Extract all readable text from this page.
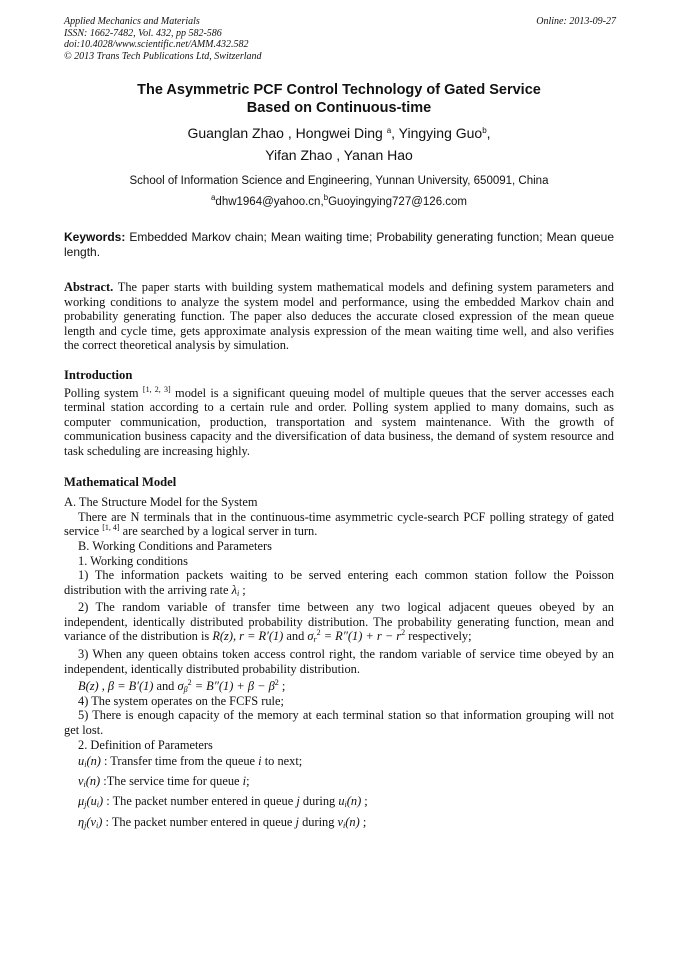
Applied Mechanics and Materials
ISSN: 1662-7482, Vol. 432, pp 582-586
doi:10.4028/www.scientific.net/AMM.432.582
© 2013 Trans Tech Publications Ltd, Switzerland
Online: 2013-09-27
The Asymmetric PCF Control Technology of Gated Service
Based on Continuous-time
Guanglan Zhao , Hongwei Ding $^a$, Yingying Guo$^b$,
Yifan Zhao , Yanan Hao
School of Information Science and Engineering, Yunnan University, 650091, China
$^a$dhw1964@yahoo.cn,$^b$Guoyingying727@126.com
Keywords: Embedded Markov chain; Mean waiting time; Probability generating function; Mean queue length.

Abstract. The paper starts with building system mathematical models and defining system parameters and working conditions to analyze the system model and performance, using the embedded Markov chain and probability generating function. The paper also deduces the accurate closed expression of the mean queue length and cycle time, gets approximate analysis expression of the mean waiting time well, and also verifies the correct theoretical analysis by simulation.

Introduction

Polling system [1, 2, 3] model is a significant queuing model of multiple queues that the server accesses each terminal station according to a certain rule and order. Polling system applied to many domains, such as computer communication, production, transportation and system maintenance. With the growth of communication business capacity and the diversification of data business, the demand of system resource and task scheduling are increasing highly.

Mathematical Model
A. The Structure Model for the System

There are N terminals that in the continuous-time asymmetric cycle-search PCF polling strategy of gated service [1, 4] are searched by a logical server in turn.

B. Working Conditions and Parameters
1. Working conditions

1) The information packets waiting to be served entering each common station follow the Poisson distribution with the arriving rate $\lambda_i$ ;

2) The random variable of transfer time between any two logical adjacent queues obeyed by an independent, identically distributed probability distribution. The probability generating function, mean and variance of the distribution is R(z), r = R′(1) and $\sigma_r^2 = R''(1) + r - r^2$ respectively;

3) When any queen obtains token access control right, the random variable of service time obeyed by an independent, identically distributed probability distribution.

B(z) , β = B′(1) and $\sigma_\beta^2 = B''(1) + \beta - \beta^2$ ;

4) The system operates on the FCFS rule;

5) There is enough capacity of the memory at each terminal station so that information grouping will not get lost.

2. Definition of Parameters

$u_i(n)$ : Transfer time from the queue i to next;

$v_i(n)$ :The service time for queue i;

$\mu_j(u_i)$ : The packet number entered in queue j during $u_i(n)$ ;

$\eta_j(v_i)$ : The packet number entered in queue j during $v_i(n)$ ;
